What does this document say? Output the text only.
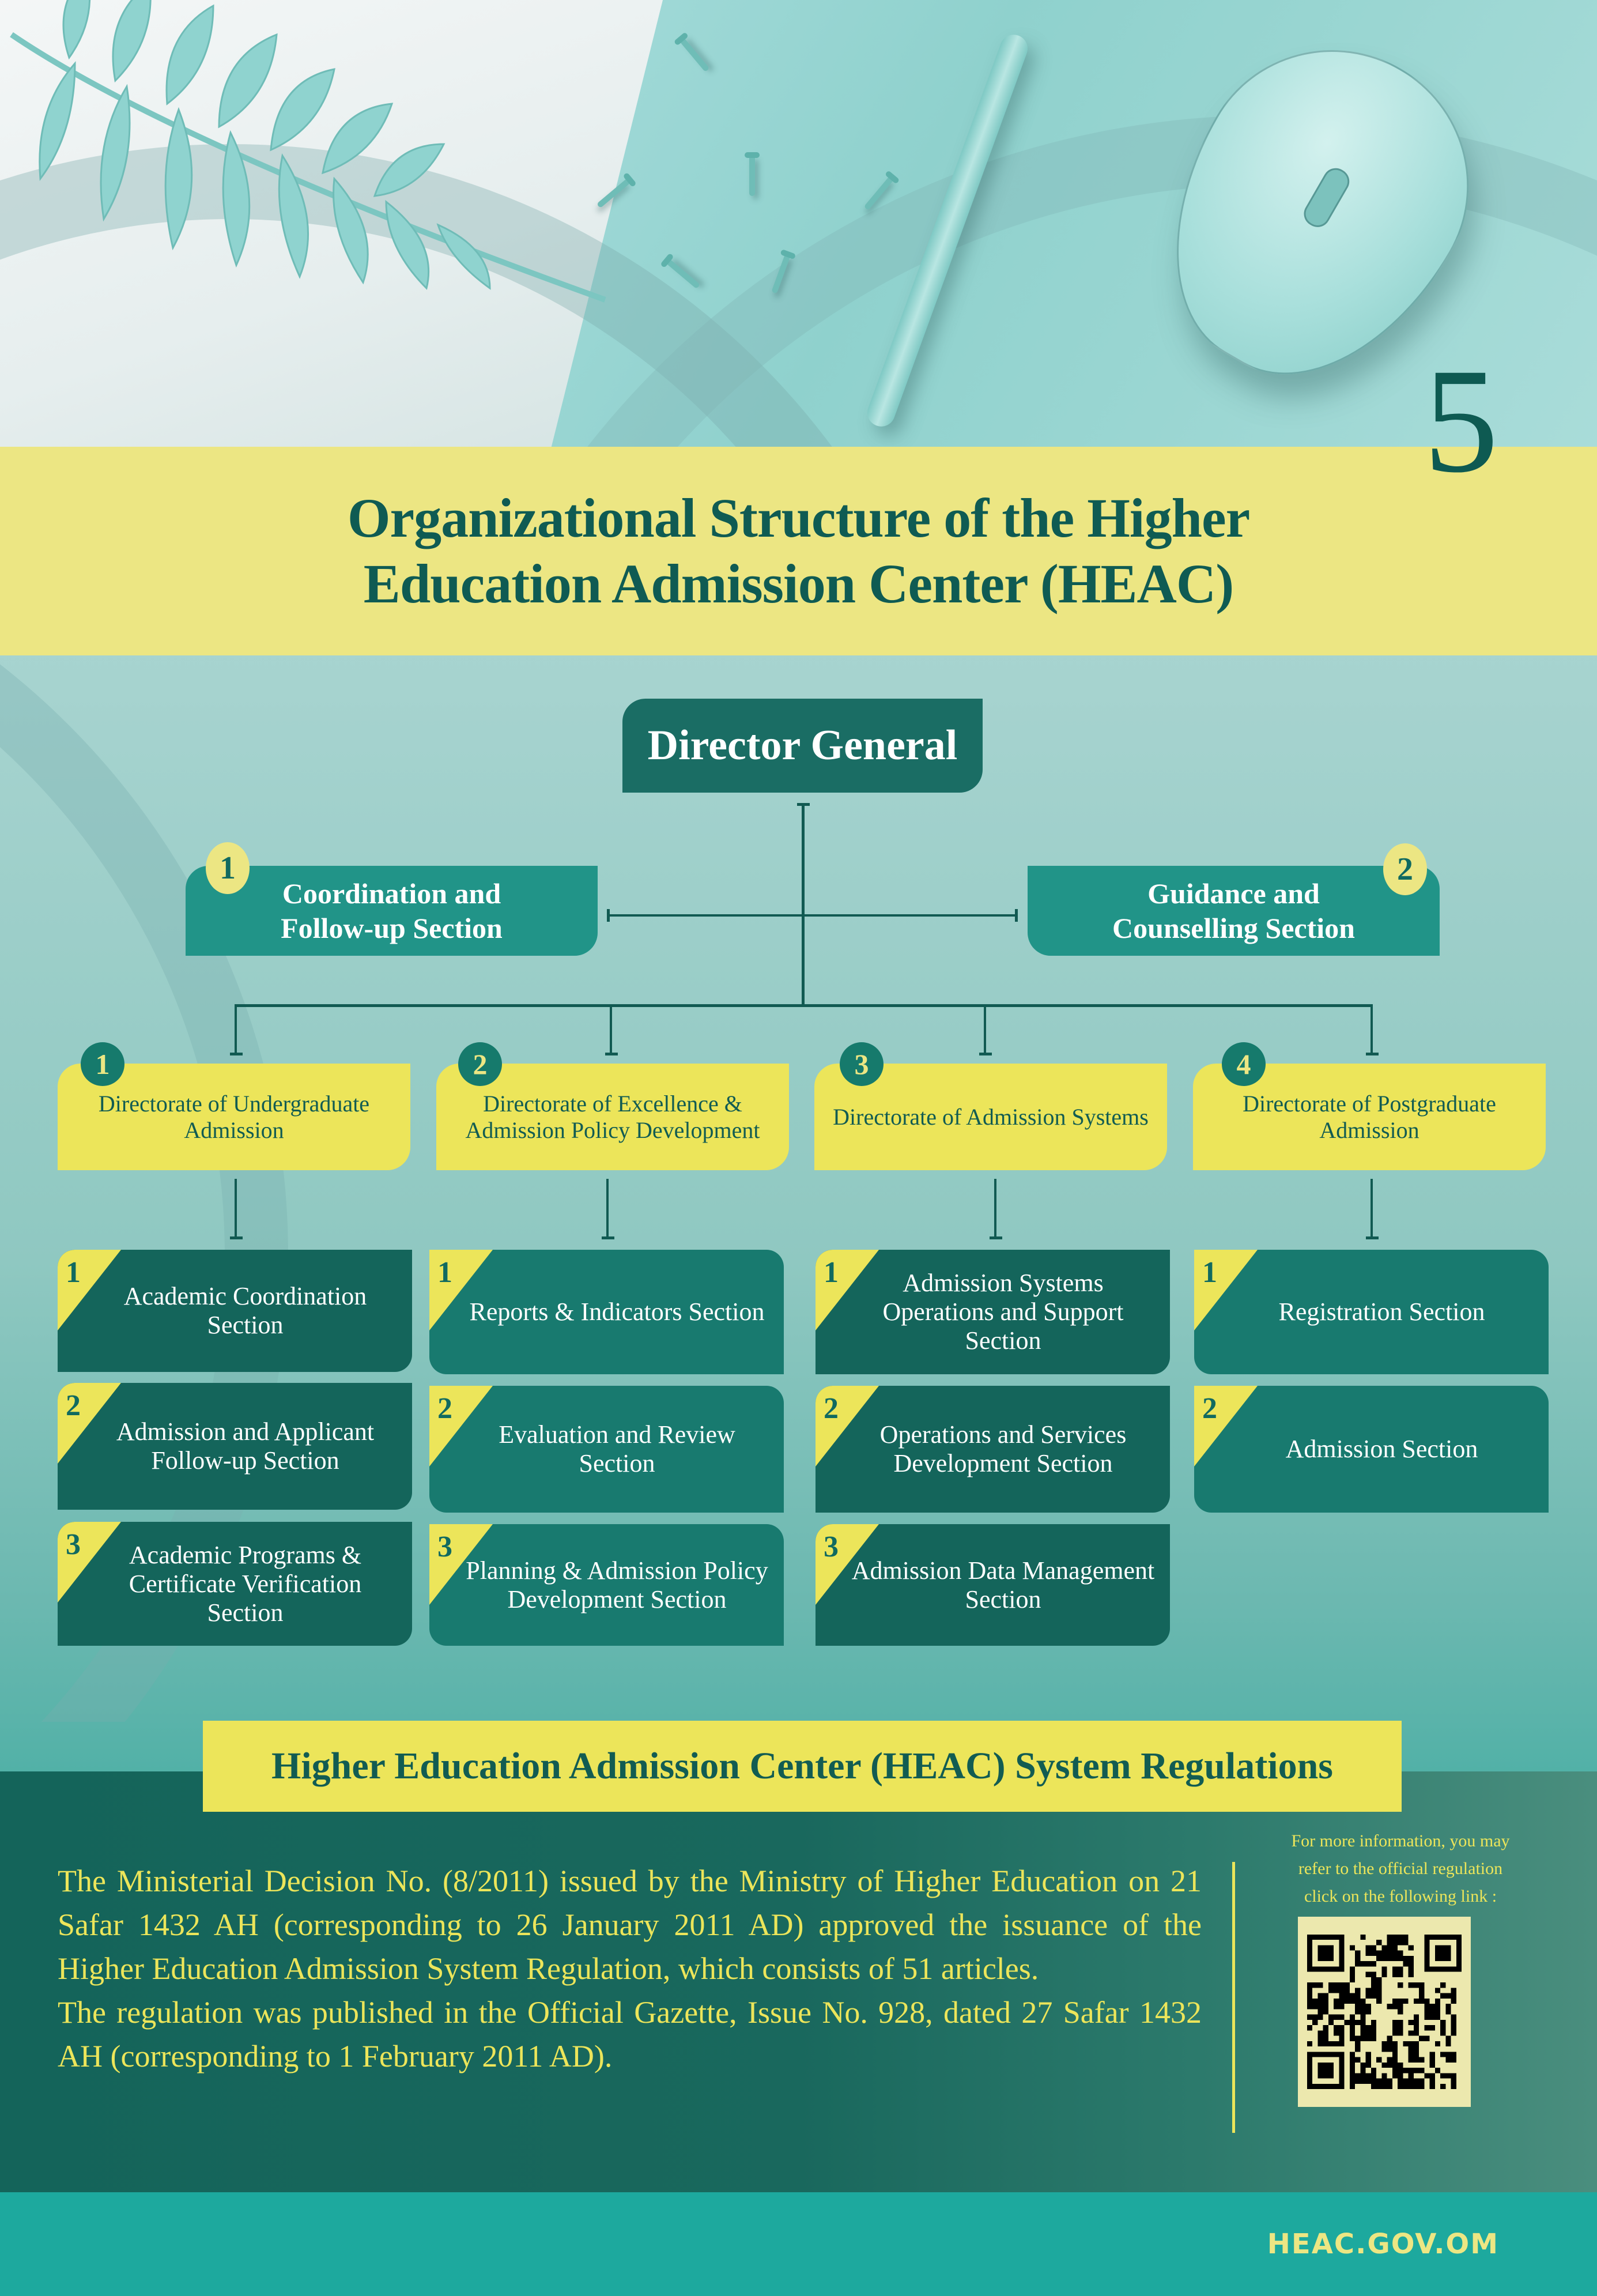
5
Organizational Structure of the Higher
Education Admission Center (HEAC)
Director General
Coordination and
Follow-up Section
1
Guidance and
Counselling Section
2
Directorate of Undergraduate Admission
1
Directorate of Excellence & Admission Policy Development
2
Directorate of Admission Systems
3
Directorate of Postgraduate Admission
4
1
Academic Coordination Section
2
Admission and Applicant Follow-up Section
3	Academic Programs & Certificate Verification Section
1
Reports & Indicators Section
2
Evaluation and Review Section
3
Planning & Admission Policy Development Section
1	Admission Systems Operations and Support Section
2
Operations and Services Development Section
3
Admission Data Management Section
1
Registration Section
2
Admission Section
Higher Education Admission Center (HEAC) System Regulations

The Ministerial Decision No. (8/2011) issued by the Ministry of Higher Education on 21 Safar 1432 AH (corresponding to 26 January 2011 AD) approved the issuance of the Higher Education Admission System Regulation, which consists of 51 articles.

The regulation was published in the Official Gazette, Issue No. 928, dated 27 Safar 1432 AH (corresponding to 1 February 2011 AD).

For more information, you may
refer to the official regulation
click on the following link :
HEAC.GOV.OM
